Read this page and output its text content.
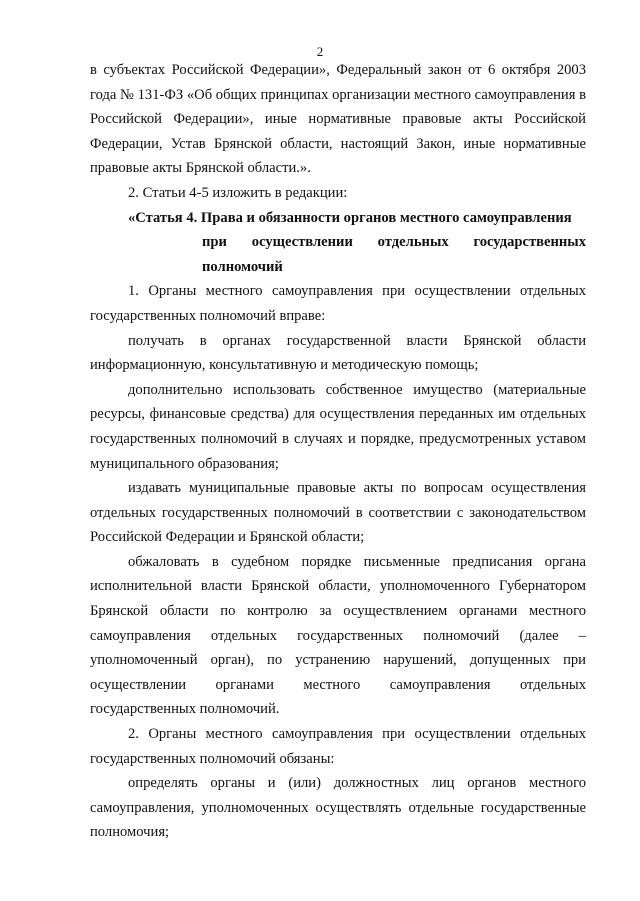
2

в субъектах Российской Федерации», Федеральный закон от 6 октября 2003 года № 131-ФЗ «Об общих принципах организации местного самоуправления в Российской Федерации», иные нормативные правовые акты Российской Федерации, Устав Брянской области, настоящий Закон, иные нормативные правовые акты Брянской области.».

2. Статьи 4-5 изложить в редакции:

«Статья 4. Права и обязанности органов местного самоуправления
при осуществлении отдельных государственных полномочий

1. Органы местного самоуправления при осуществлении отдельных государственных полномочий вправе:

получать в органах государственной власти Брянской области информационную, консультативную и методическую помощь;

дополнительно использовать собственное имущество (материальные ресурсы, финансовые средства) для осуществления переданных им отдельных государственных полномочий в случаях и порядке, предусмотренных уставом муниципального образования;

издавать муниципальные правовые акты по вопросам осуществления отдельных государственных полномочий в соответствии с законодательством Российской Федерации и Брянской области;

обжаловать в судебном порядке письменные предписания органа исполнительной власти Брянской области, уполномоченного Губернатором Брянской области по контролю за осуществлением органами местного самоуправления отдельных государственных полномочий (далее – уполномоченный орган), по устранению нарушений, допущенных при осуществлении органами местного самоуправления отдельных государственных полномочий.

2. Органы местного самоуправления при осуществлении отдельных государственных полномочий обязаны:

определять органы и (или) должностных лиц органов местного самоуправления, уполномоченных осуществлять отдельные государственные полномочия;
